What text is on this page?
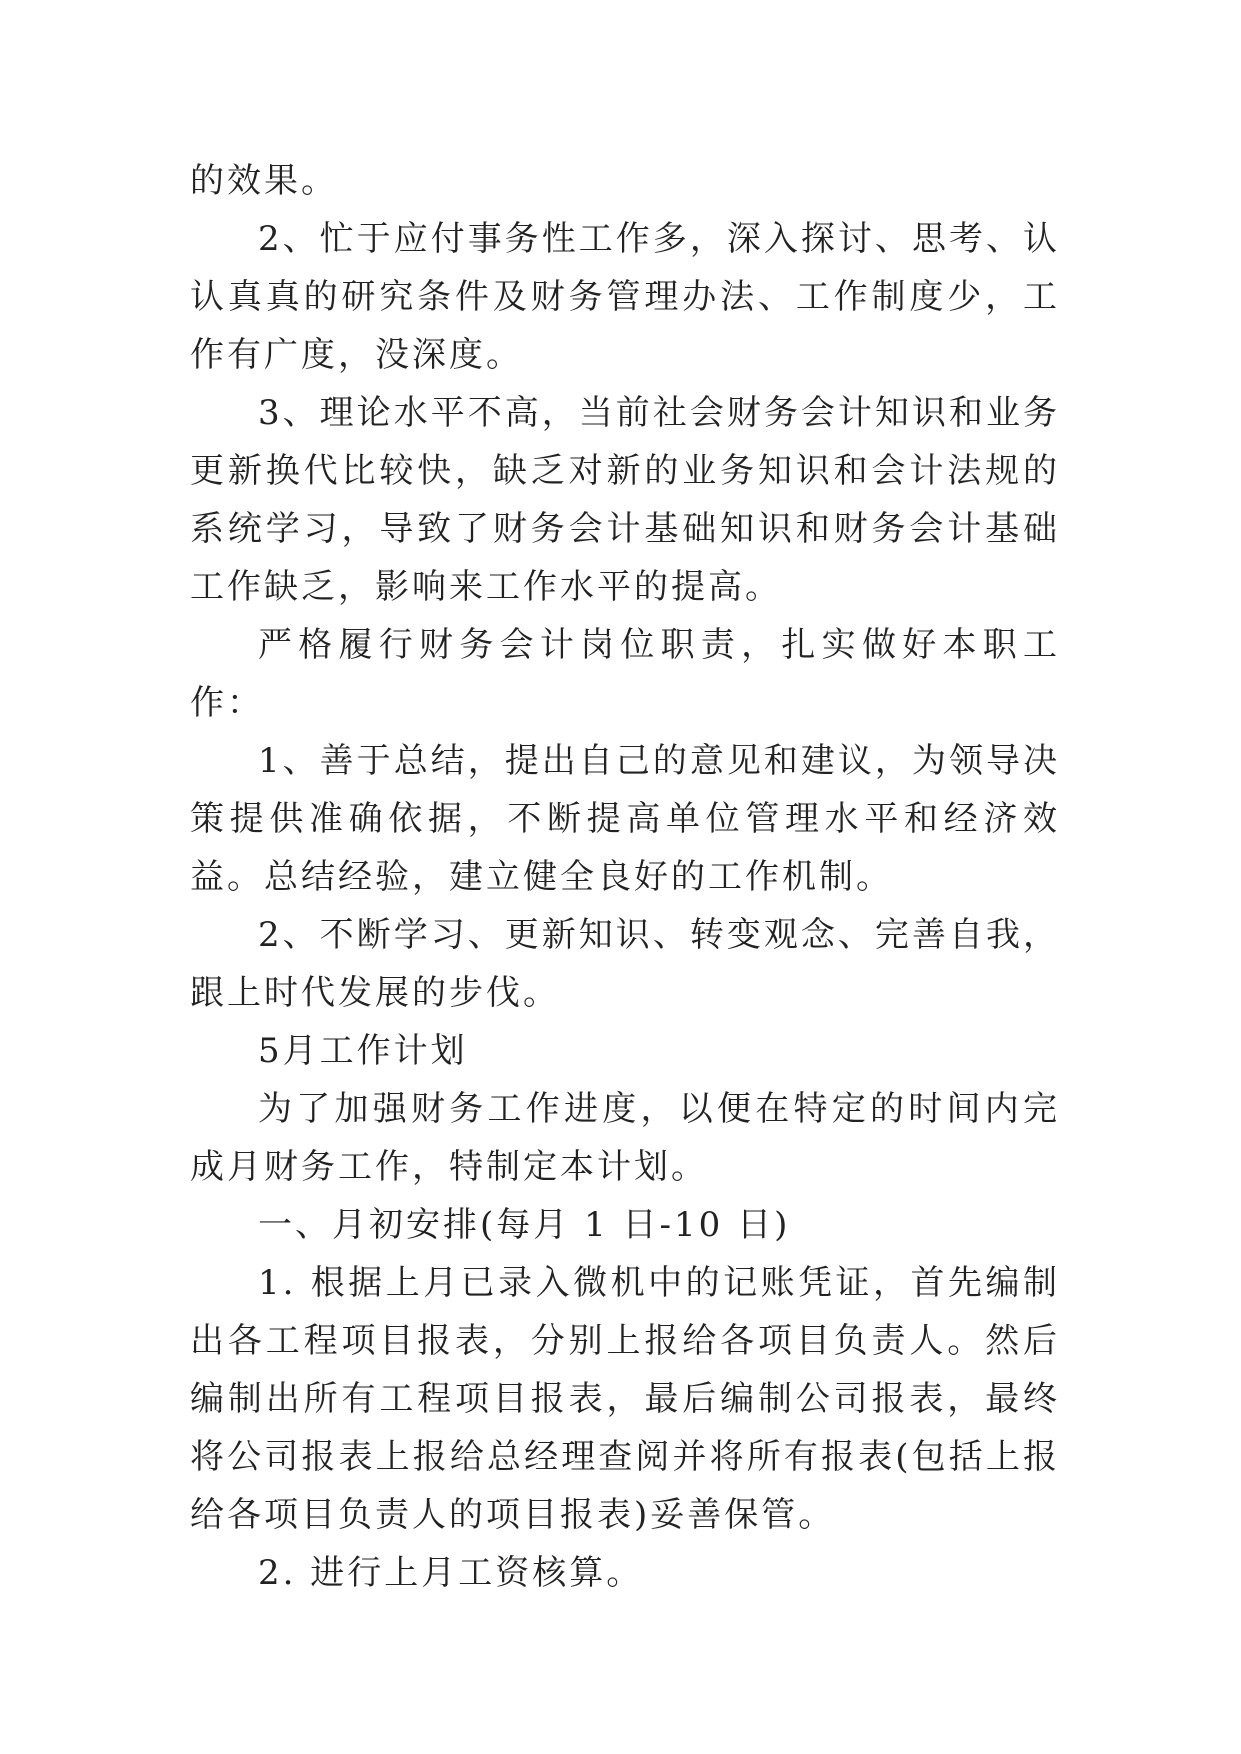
的效果。

2、忙于应付事务性工作多，深入探讨、思考、认认真真的研究条件及财务管理办法、工作制度少，工作有广度，没深度。

3、理论水平不高，当前社会财务会计知识和业务更新换代比较快，缺乏对新的业务知识和会计法规的系统学习，导致了财务会计基础知识和财务会计基础工作缺乏，影响来工作水平的提高。

严格履行财务会计岗位职责，扎实做好本职工作：

1、善于总结，提出自己的意见和建议，为领导决策提供准确依据，不断提高单位管理水平和经济效益。总结经验，建立健全良好的工作机制。

2、不断学习、更新知识、转变观念、完善自我，跟上时代发展的步伐。

5月工作计划

为了加强财务工作进度，以便在特定的时间内完成月财务工作，特制定本计划。

一、月初安排(每月 1 日-10 日)

1. 根据上月已录入微机中的记账凭证，首先编制出各工程项目报表，分别上报给各项目负责人。然后编制出所有工程项目报表，最后编制公司报表，最终将公司报表上报给总经理查阅并将所有报表(包括上报给各项目负责人的项目报表)妥善保管。

2. 进行上月工资核算。
